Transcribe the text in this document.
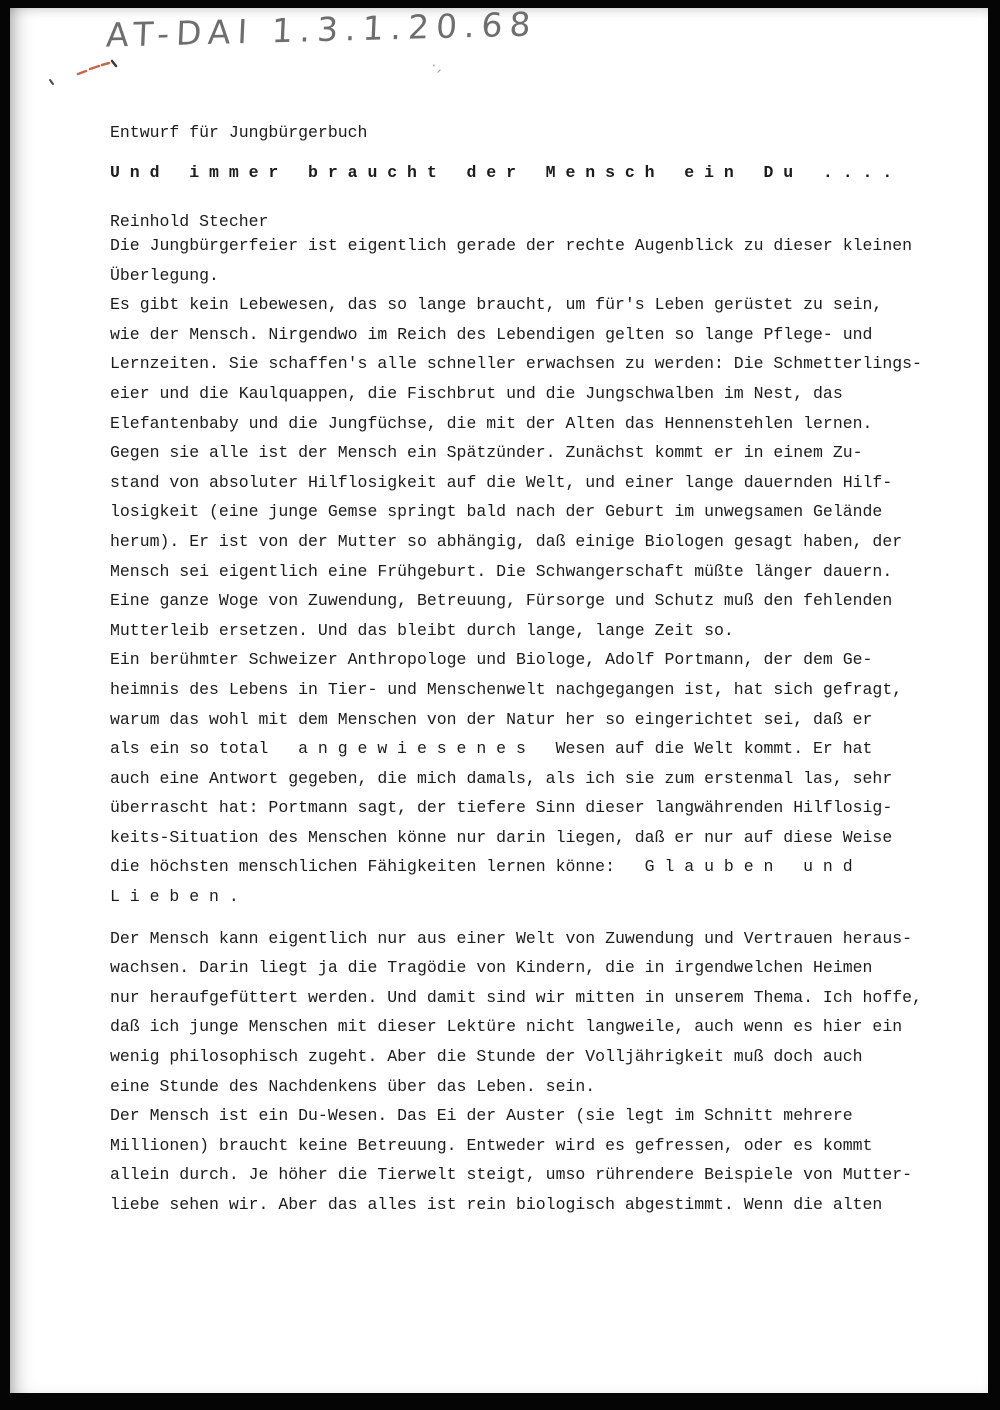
AT-DAI 1.3.1.20.68
·‚

Entwurf für Jungbürgerbuch

Reinhold Stecher

U n d   i m m e r   b r a u c h t   d e r   M e n s c h   e i n   D u   . . . .
Die Jungbürgerfeier ist eigentlich gerade der rechte Augenblick zu dieser kleinen
Überlegung.
Es gibt kein Lebewesen, das so lange braucht, um für's Leben gerüstet zu sein,
wie der Mensch. Nirgendwo im Reich des Lebendigen gelten so lange Pflege- und
Lernzeiten. Sie schaffen's alle schneller erwachsen zu werden: Die Schmetterlings-
eier und die Kaulquappen, die Fischbrut und die Jungschwalben im Nest, das
Elefantenbaby und die Jungfüchse, die mit der Alten das Hennenstehlen lernen.
Gegen sie alle ist der Mensch ein Spätzünder. Zunächst kommt er in einem Zu-
stand von absoluter Hilflosigkeit auf die Welt, und einer lange dauernden Hilf-
losigkeit (eine junge Gemse springt bald nach der Geburt im unwegsamen Gelände
herum). Er ist von der Mutter so abhängig, daß einige Biologen gesagt haben, der
Mensch sei eigentlich eine Frühgeburt. Die Schwangerschaft müßte länger dauern.
Eine ganze Woge von Zuwendung, Betreuung, Fürsorge und Schutz muß den fehlenden
Mutterleib ersetzen. Und das bleibt durch lange, lange Zeit so.
Ein berühmter Schweizer Anthropologe und Biologe, Adolf Portmann, der dem Ge-
heimnis des Lebens in Tier- und Menschenwelt nachgegangen ist, hat sich gefragt,
warum das wohl mit dem Menschen von der Natur her so eingerichtet sei, daß er
als ein so total   a n g e w i e s e n e s   Wesen auf die Welt kommt. Er hat
auch eine Antwort gegeben, die mich damals, als ich sie zum erstenmal las, sehr
überrascht hat: Portmann sagt, der tiefere Sinn dieser langwährenden Hilflosig-
keits-Situation des Menschen könne nur darin liegen, daß er nur auf diese Weise
die höchsten menschlichen Fähigkeiten lernen könne:   G l a u b e n   u n d
L i e b e n .
Der Mensch kann eigentlich nur aus einer Welt von Zuwendung und Vertrauen heraus-
wachsen. Darin liegt ja die Tragödie von Kindern, die in irgendwelchen Heimen
nur heraufgefüttert werden. Und damit sind wir mitten in unserem Thema. Ich hoffe,
daß ich junge Menschen mit dieser Lektüre nicht langweile, auch wenn es hier ein
wenig philosophisch zugeht. Aber die Stunde der Volljährigkeit muß doch auch
eine Stunde des Nachdenkens über das Leben. sein.
Der Mensch ist ein Du-Wesen. Das Ei der Auster (sie legt im Schnitt mehrere
Millionen) braucht keine Betreuung. Entweder wird es gefressen, oder es kommt
allein durch. Je höher die Tierwelt steigt, umso rührendere Beispiele von Mutter-
liebe sehen wir. Aber das alles ist rein biologisch abgestimmt. Wenn die alten
